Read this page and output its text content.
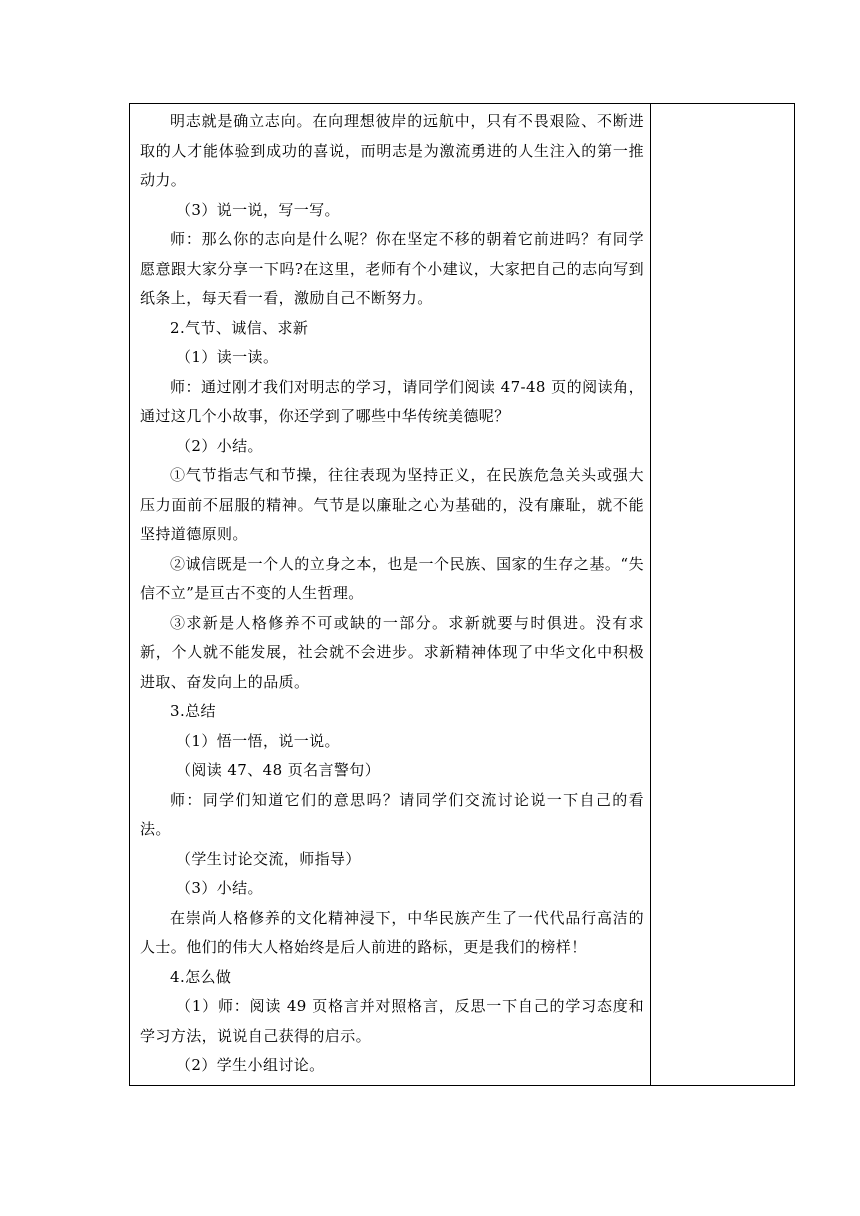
明志就是确立志向。在向理想彼岸的远航中，只有不畏艰险、不断进取的人才能体验到成功的喜说，而明志是为激流勇进的人生注入的第一推动力。

（3）说一说，写一写。

师：那么你的志向是什么呢？你在坚定不移的朝着它前进吗？有同学愿意跟大家分享一下吗?在这里，老师有个小建议，大家把自己的志向写到纸条上，每天看一看，激励自己不断努力。

2.气节、诚信、求新

（1）读一读。

师：通过刚才我们对明志的学习，请同学们阅读 47-48 页的阅读角，通过这几个小故事，你还学到了哪些中华传统美德呢？

（2）小结。

①气节指志气和节操，往往表现为坚持正义，在民族危急关头或强大压力面前不屈服的精神。气节是以廉耻之心为基础的，没有廉耻，就不能坚持道德原则。

②诚信既是一个人的立身之本，也是一个民族、国家的生存之基。“失信不立”是亘古不变的人生哲理。

③求新是人格修养不可或缺的一部分。求新就要与时俱进。没有求新，个人就不能发展，社会就不会进步。求新精神体现了中华文化中积极进取、奋发向上的品质。

3.总结

（1）悟一悟，说一说。

（阅读 47、48 页名言警句）

师：同学们知道它们的意思吗？请同学们交流讨论说一下自己的看法。

（学生讨论交流，师指导）

（3）小结。

在崇尚人格修养的文化精神浸下，中华民族产生了一代代品行高洁的人士。他们的伟大人格始终是后人前进的路标，更是我们的榜样！

4.怎么做

（1）师：阅读 49 页格言并对照格言，反思一下自己的学习态度和学习方法，说说自己获得的启示。

（2）学生小组讨论。
